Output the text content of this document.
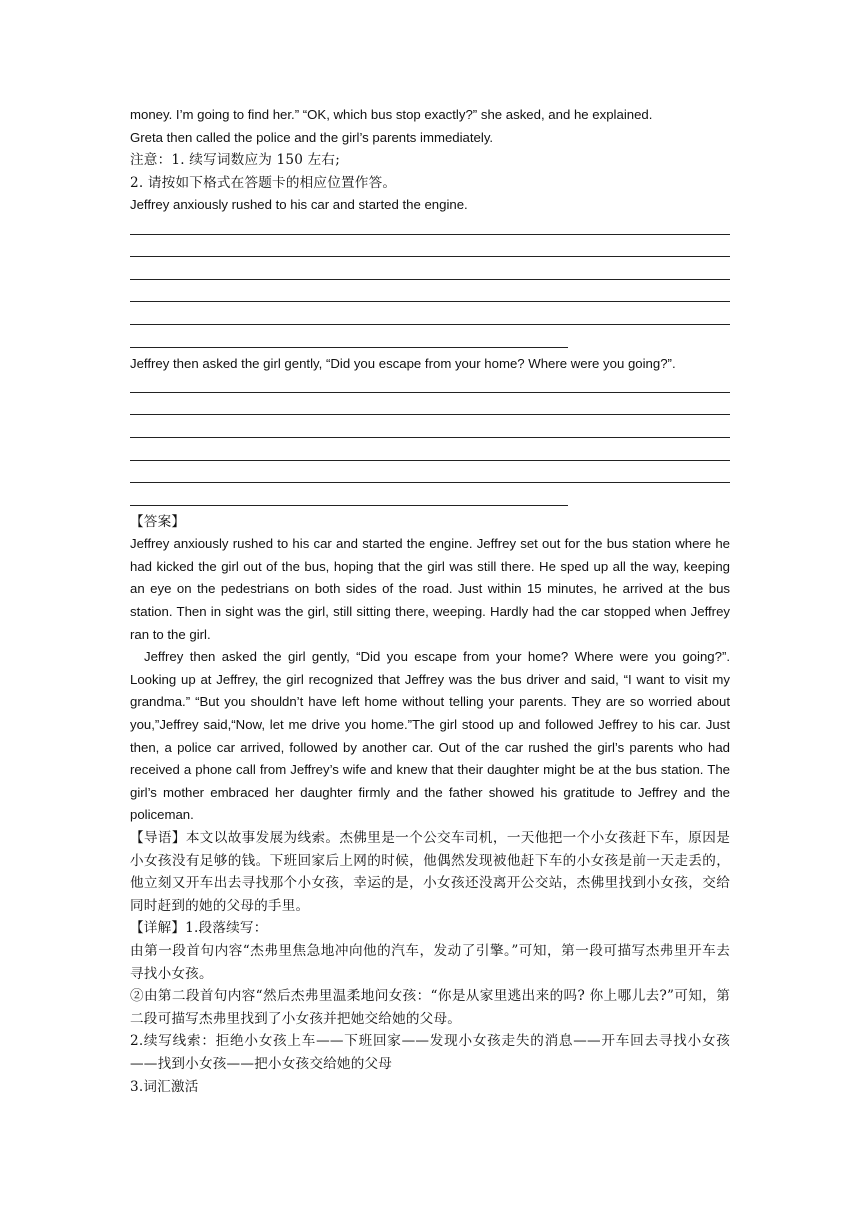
money. I’m going to find her.” “OK, which bus stop exactly?” she asked, and he explained.

Greta then called the police and the girl’s parents immediately.

注意：1. 续写词数应为 150 左右;

2. 请按如下格式在答题卡的相应位置作答。

Jeffrey anxiously rushed to his car and started the engine.

Jeffrey then asked the girl gently, “Did you escape from your home? Where were you going?”.

【答案】

Jeffrey anxiously rushed to his car and started the engine. Jeffrey set out for the bus station where he had kicked the girl out of the bus, hoping that the girl was still there. He sped up all the way, keeping an eye on the pedestrians on both sides of the road. Just within 15 minutes, he arrived at the bus station. Then in sight was the girl, still sitting there, weeping. Hardly had the car stopped when Jeffrey ran to the girl.

Jeffrey then asked the girl gently, “Did you escape from your home? Where were you going?”. Looking up at Jeffrey, the girl recognized that Jeffrey was the bus driver and said, “I want to visit my grandma.” “But you shouldn’t have left home without telling your parents. They are so worried about you,”Jeffrey said,“Now, let me drive you home.”The girl stood up and followed Jeffrey to his car. Just then, a police car arrived, followed by another car. Out of the car rushed the girl’s parents who had received a phone call from Jeffrey’s wife and knew that their daughter might be at the bus station. The girl’s mother embraced her daughter firmly and the father showed his gratitude to Jeffrey and the policeman.

【导语】本文以故事发展为线索。杰佛里是一个公交车司机，一天他把一个小女孩赶下车，原因是小女孩没有足够的钱。下班回家后上网的时候，他偶然发现被他赶下车的小女孩是前一天走丢的，他立刻又开车出去寻找那个小女孩，幸运的是，小女孩还没离开公交站，杰佛里找到小女孩，交给同时赶到的她的父母的手里。

【详解】1.段落续写：

由第一段首句内容“杰弗里焦急地冲向他的汽车，发动了引擎。”可知，第一段可描写杰弗里开车去寻找小女孩。

②由第二段首句内容“然后杰弗里温柔地问女孩：“你是从家里逃出来的吗? 你上哪儿去?”可知，第二段可描写杰弗里找到了小女孩并把她交给她的父母。

2.续写线索：拒绝小女孩上车——下班回家——发现小女孩走失的消息——开车回去寻找小女孩——找到小女孩——把小女孩交给她的父母

3.词汇激活
